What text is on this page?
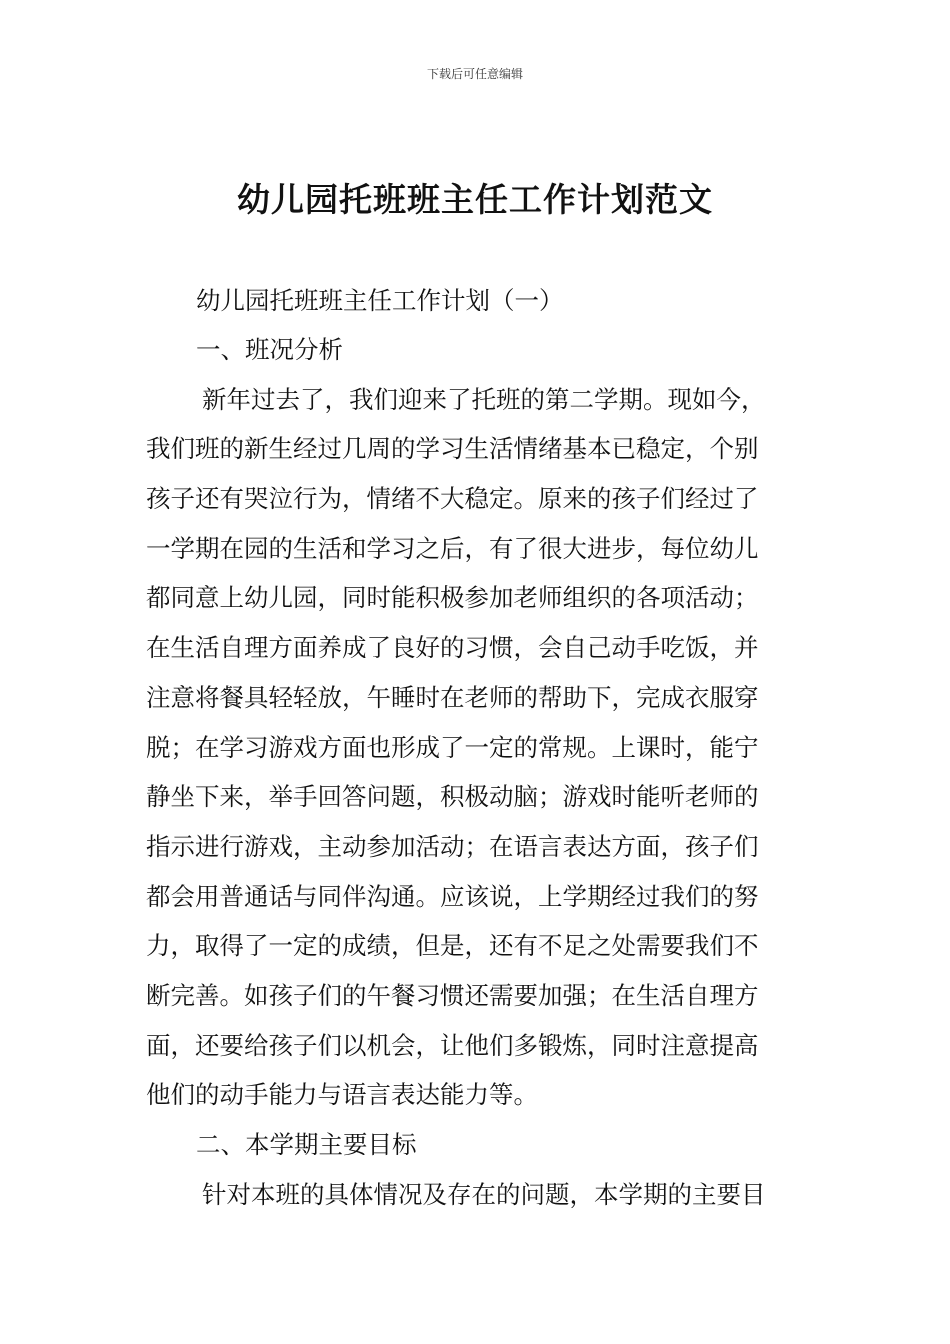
下载后可任意编辑
幼儿园托班班主任工作计划范文
幼儿园托班班主任工作计划（一）
一、班况分析
新年过去了，我们迎来了托班的第二学期。现如今，
我们班的新生经过几周的学习生活情绪基本已稳定，个别
孩子还有哭泣行为，情绪不大稳定。原来的孩子们经过了
一学期在园的生活和学习之后，有了很大进步，每位幼儿
都同意上幼儿园，同时能积极参加老师组织的各项活动；
在生活自理方面养成了良好的习惯，会自己动手吃饭，并
注意将餐具轻轻放，午睡时在老师的帮助下，完成衣服穿
脱；在学习游戏方面也形成了一定的常规。上课时，能宁
静坐下来，举手回答问题，积极动脑；游戏时能听老师的
指示进行游戏，主动参加活动；在语言表达方面，孩子们
都会用普通话与同伴沟通。应该说，上学期经过我们的努
力，取得了一定的成绩，但是，还有不足之处需要我们不
断完善。如孩子们的午餐习惯还需要加强；在生活自理方
面，还要给孩子们以机会，让他们多锻炼，同时注意提高
他们的动手能力与语言表达能力等。
二、本学期主要目标
针对本班的具体情况及存在的问题，本学期的主要目
